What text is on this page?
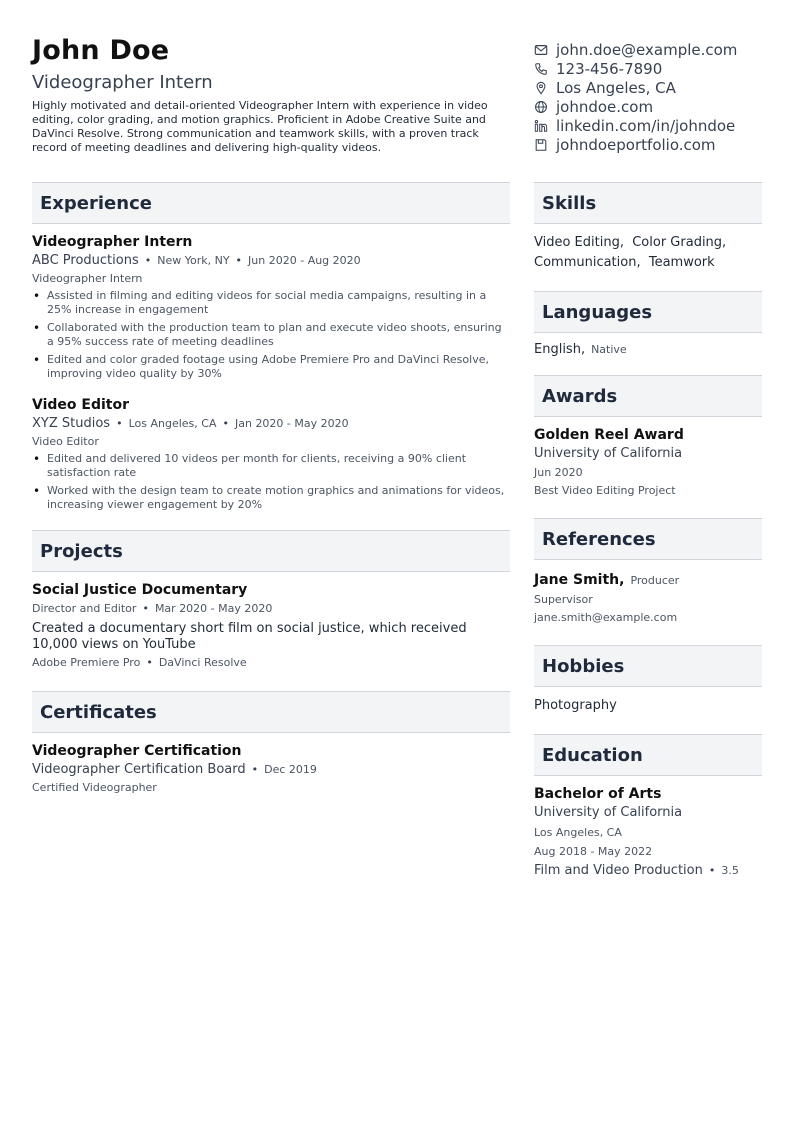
John Doe
Videographer Intern
Highly motivated and detail-oriented Videographer Intern with experience in video editing, color grading, and motion graphics. Proficient in Adobe Creative Suite and DaVinci Resolve. Strong communication and teamwork skills, with a proven track record of meeting deadlines and delivering high-quality videos.
john.doe@example.com
123-456-7890
Los Angeles, CA
johndoe.com
linkedin.com/in/johndoe
johndoeportfolio.com
Experience
Videographer Intern
ABC Productions • New York, NY • Jun 2020 - Aug 2020
Videographer Intern
• Assisted in filming and editing videos for social media campaigns, resulting in a 25% increase in engagement
• Collaborated with the production team to plan and execute video shoots, ensuring a 95% success rate of meeting deadlines
• Edited and color graded footage using Adobe Premiere Pro and DaVinci Resolve, improving video quality by 30%
Video Editor
XYZ Studios • Los Angeles, CA • Jan 2020 - May 2020
Video Editor
• Edited and delivered 10 videos per month for clients, receiving a 90% client satisfaction rate
• Worked with the design team to create motion graphics and animations for videos, increasing viewer engagement by 20%
Projects
Social Justice Documentary
Director and Editor • Mar 2020 - May 2020
Created a documentary short film on social justice, which received 10,000 views on YouTube
Adobe Premiere Pro • DaVinci Resolve
Certificates
Videographer Certification
Videographer Certification Board • Dec 2019
Certified Videographer
Skills
Video Editing,  Color Grading,
Communication,  Teamwork
Languages
English, Native
Awards
Golden Reel Award
University of California
Jun 2020
Best Video Editing Project
References
Jane Smith, Producer
Supervisor
jane.smith@example.com
Hobbies
Photography
Education
Bachelor of Arts
University of California
Los Angeles, CA
Aug 2018 - May 2022
Film and Video Production • 3.5
